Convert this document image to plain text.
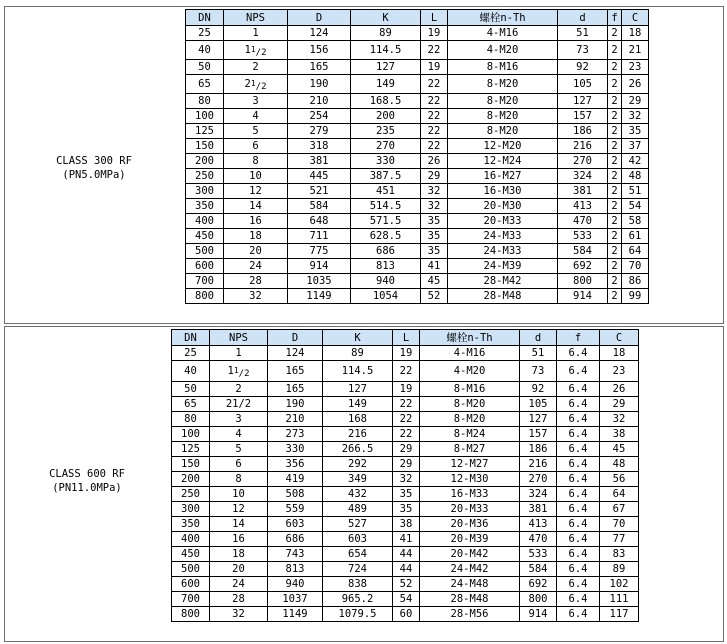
CLASS 300 RF
(PN5.0MPa)
DN	NPS	D	K	L	螺栓n-Th	d	f	C
25	1	124	89	19	4-M16	51	2	18
40	$1^1_{/2}$	156	114.5	22	4-M20	73	2	21
50	2	165	127	19	8-M16	92	2	23
65	$2^1_{/2}$	190	149	22	8-M20	105	2	26
80	3	210	168.5	22	8-M20	127	2	29
100	4	254	200	22	8-M20	157	2	32
125	5	279	235	22	8-M20	186	2	35
150	6	318	270	22	12-M20	216	2	37
200	8	381	330	26	12-M24	270	2	42
250	10	445	387.5	29	16-M27	324	2	48
300	12	521	451	32	16-M30	381	2	51
350	14	584	514.5	32	20-M30	413	2	54
400	16	648	571.5	35	20-M33	470	2	58
450	18	711	628.5	35	24-M33	533	2	61
500	20	775	686	35	24-M33	584	2	64
600	24	914	813	41	24-M39	692	2	70
700	28	1035	940	45	28-M42	800	2	86
800	32	1149	1054	52	28-M48	914	2	99
CLASS 600 RF
(PN11.0MPa)
DN	NPS	D	K	L	螺栓n-Th	d	f	C
25	1	124	89	19	4-M16	51	6.4	18
40	$1^1_{/2}$	165	114.5	22	4-M20	73	6.4	23
50	2	165	127	19	8-M16	92	6.4	26
65	21/2	190	149	22	8-M20	105	6.4	29
80	3	210	168	22	8-M20	127	6.4	32
100	4	273	216	22	8-M24	157	6.4	38
125	5	330	266.5	29	8-M27	186	6.4	45
150	6	356	292	29	12-M27	216	6.4	48
200	8	419	349	32	12-M30	270	6.4	56
250	10	508	432	35	16-M33	324	6.4	64
300	12	559	489	35	20-M33	381	6.4	67
350	14	603	527	38	20-M36	413	6.4	70
400	16	686	603	41	20-M39	470	6.4	77
450	18	743	654	44	20-M42	533	6.4	83
500	20	813	724	44	24-M42	584	6.4	89
600	24	940	838	52	24-M48	692	6.4	102
700	28	1037	965.2	54	28-M48	800	6.4	111
800	32	1149	1079.5	60	28-M56	914	6.4	117
